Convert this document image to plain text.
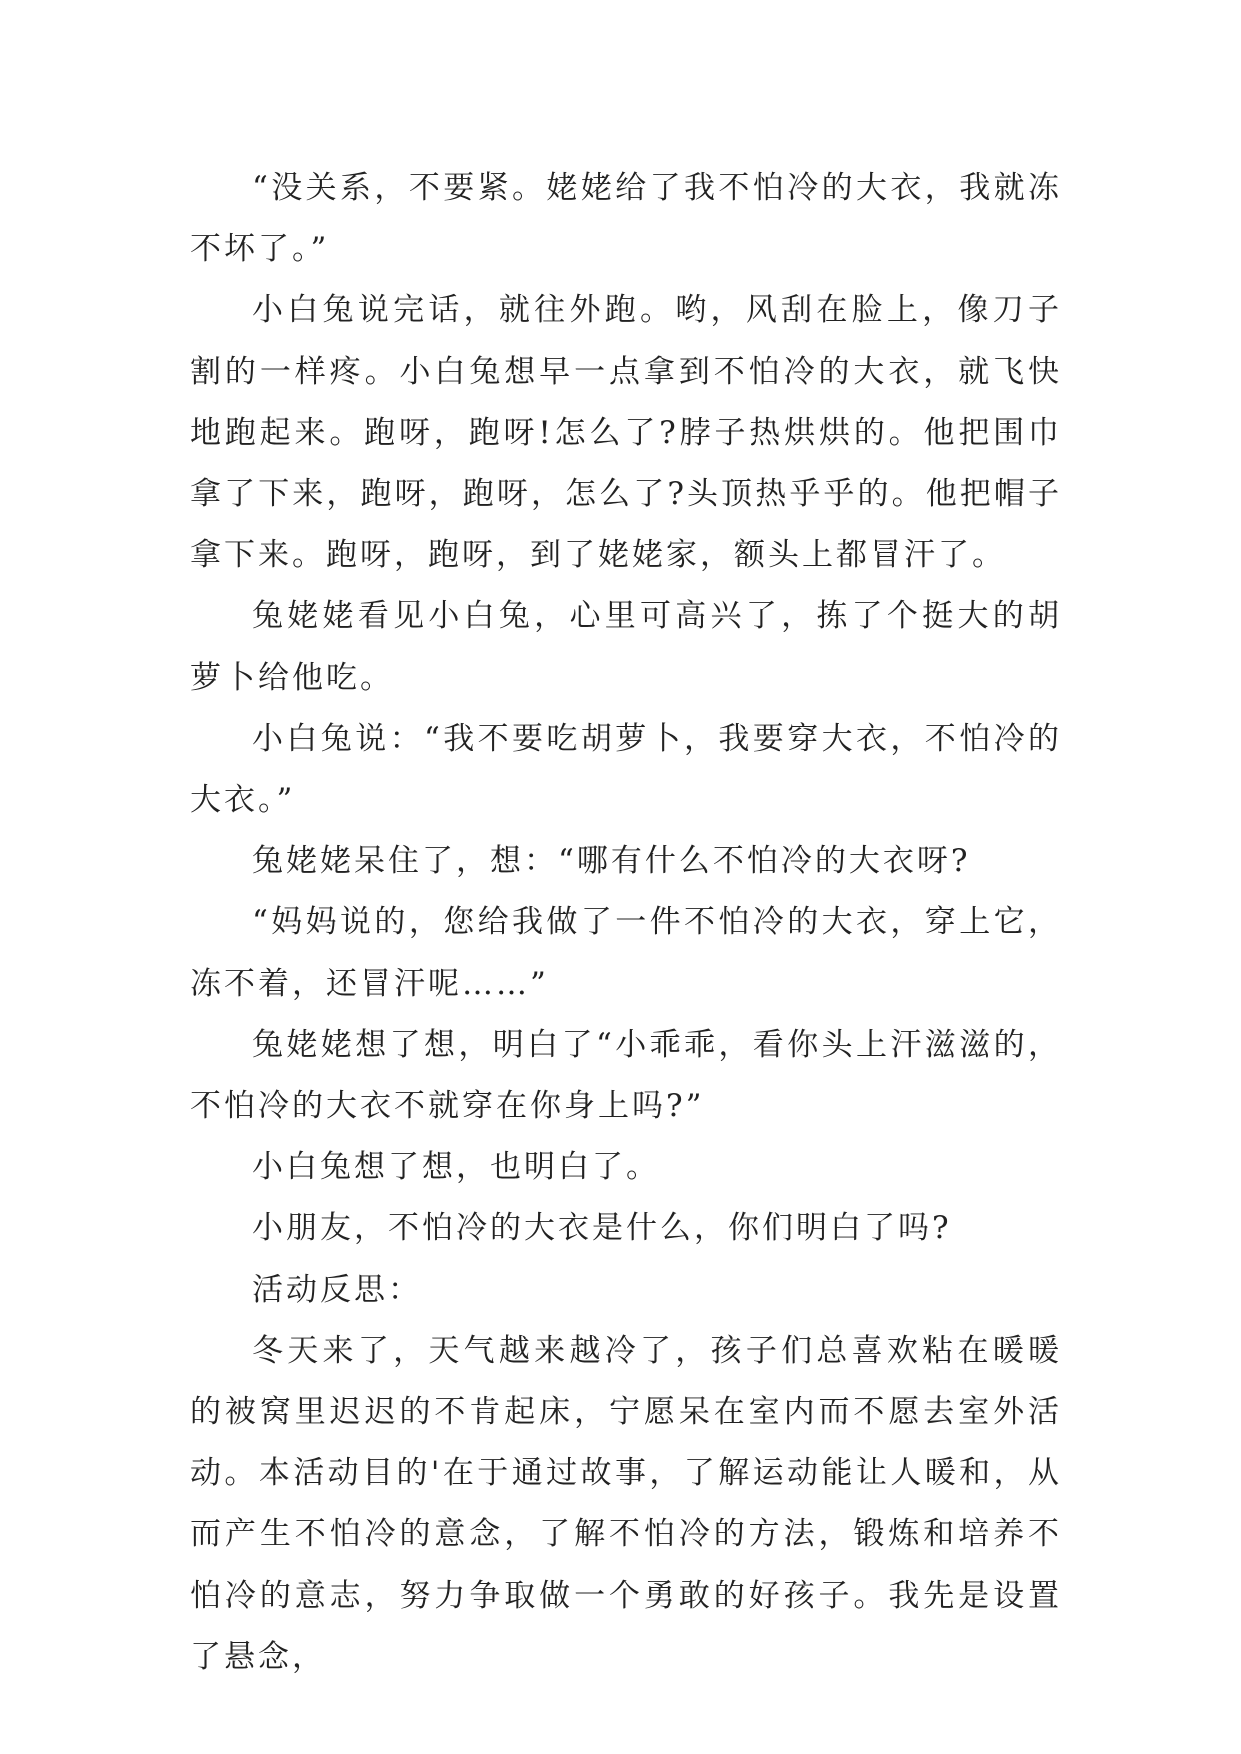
“没关系，不要紧。姥姥给了我不怕冷的大衣，我就冻不坏了。”

小白兔说完话，就往外跑。哟，风刮在脸上，像刀子割的一样疼。小白兔想早一点拿到不怕冷的大衣，就飞快地跑起来。跑呀，跑呀!怎么了?脖子热烘烘的。他把围巾拿了下来，跑呀，跑呀，怎么了?头顶热乎乎的。他把帽子拿下来。跑呀，跑呀，到了姥姥家，额头上都冒汗了。

兔姥姥看见小白兔，心里可高兴了，拣了个挺大的胡萝卜给他吃。

小白兔说：“我不要吃胡萝卜，我要穿大衣，不怕冷的大衣。”

兔姥姥呆住了，想：“哪有什么不怕冷的大衣呀?

“妈妈说的，您给我做了一件不怕冷的大衣，穿上它，冻不着，还冒汗呢……”

兔姥姥想了想，明白了“小乖乖，看你头上汗滋滋的，不怕冷的大衣不就穿在你身上吗?”

小白兔想了想，也明白了。

小朋友，不怕冷的大衣是什么，你们明白了吗?

活动反思：

冬天来了，天气越来越冷了，孩子们总喜欢粘在暖暖的被窝里迟迟的不肯起床，宁愿呆在室内而不愿去室外活动。本活动目的'在于通过故事，了解运动能让人暖和，从而产生不怕冷的意念，了解不怕冷的方法，锻炼和培养不怕冷的意志，努力争取做一个勇敢的好孩子。我先是设置了悬念，
